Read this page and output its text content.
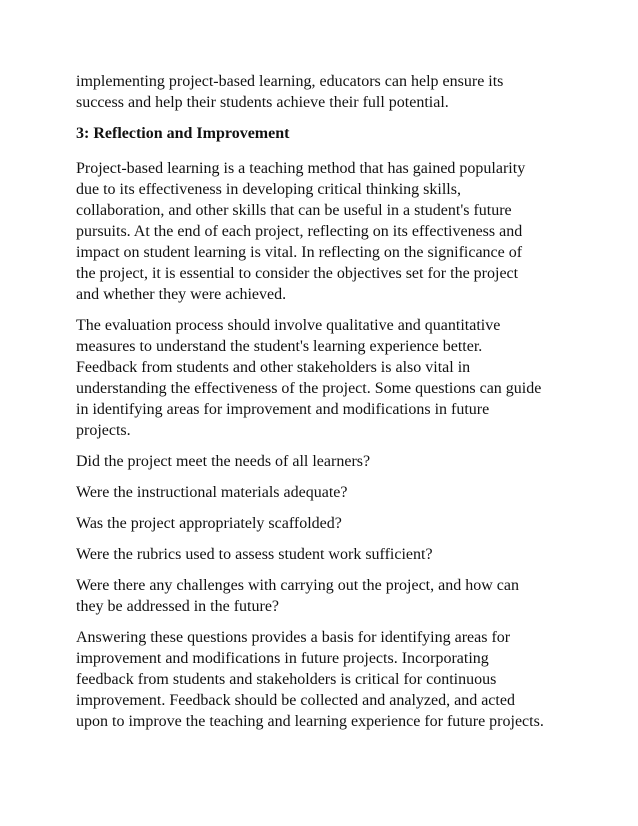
implementing project-based learning, educators can help ensure its
success and help their students achieve their full potential.

3: Reflection and Improvement

Project-based learning is a teaching method that has gained popularity
due to its effectiveness in developing critical thinking skills,
collaboration, and other skills that can be useful in a student's future
pursuits. At the end of each project, reflecting on its effectiveness and
impact on student learning is vital. In reflecting on the significance of
the project, it is essential to consider the objectives set for the project
and whether they were achieved.

The evaluation process should involve qualitative and quantitative
measures to understand the student's learning experience better.
Feedback from students and other stakeholders is also vital in
understanding the effectiveness of the project. Some questions can guide
in identifying areas for improvement and modifications in future
projects.

Did the project meet the needs of all learners?

Were the instructional materials adequate?

Was the project appropriately scaffolded?

Were the rubrics used to assess student work sufficient?

Were there any challenges with carrying out the project, and how can
they be addressed in the future?

Answering these questions provides a basis for identifying areas for
improvement and modifications in future projects. Incorporating
feedback from students and stakeholders is critical for continuous
improvement. Feedback should be collected and analyzed, and acted
upon to improve the teaching and learning experience for future projects.
